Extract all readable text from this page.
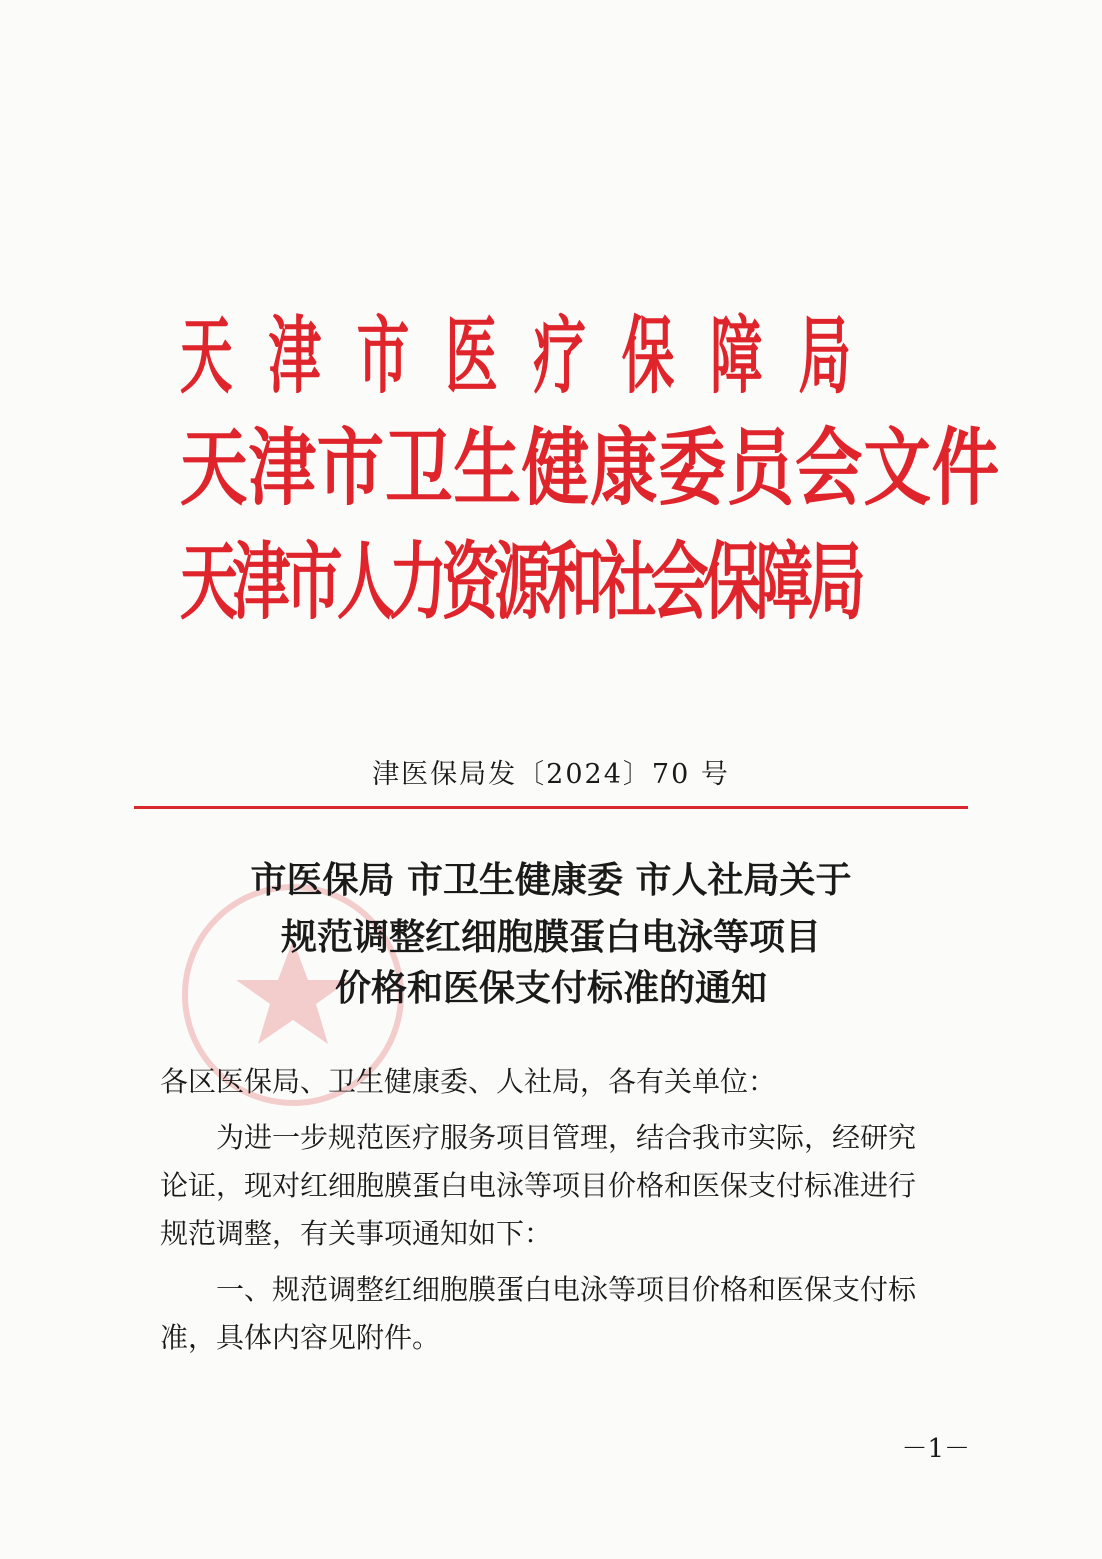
天 津 市 医 疗 保 障 局
天津市卫生健康委员会文件
天津市人力资源和社会保障局
津医保局发〔2024〕70 号
市医保局 市卫生健康委 市人社局关于
规范调整红细胞膜蛋白电泳等项目
价格和医保支付标准的通知
各区医保局、卫生健康委、人社局，各有关单位：
　　为进一步规范医疗服务项目管理，结合我市实际，经研究
论证，现对红细胞膜蛋白电泳等项目价格和医保支付标准进行
规范调整，有关事项通知如下：
　　一、规范调整红细胞膜蛋白电泳等项目价格和医保支付标
准，具体内容见附件。
－1－
